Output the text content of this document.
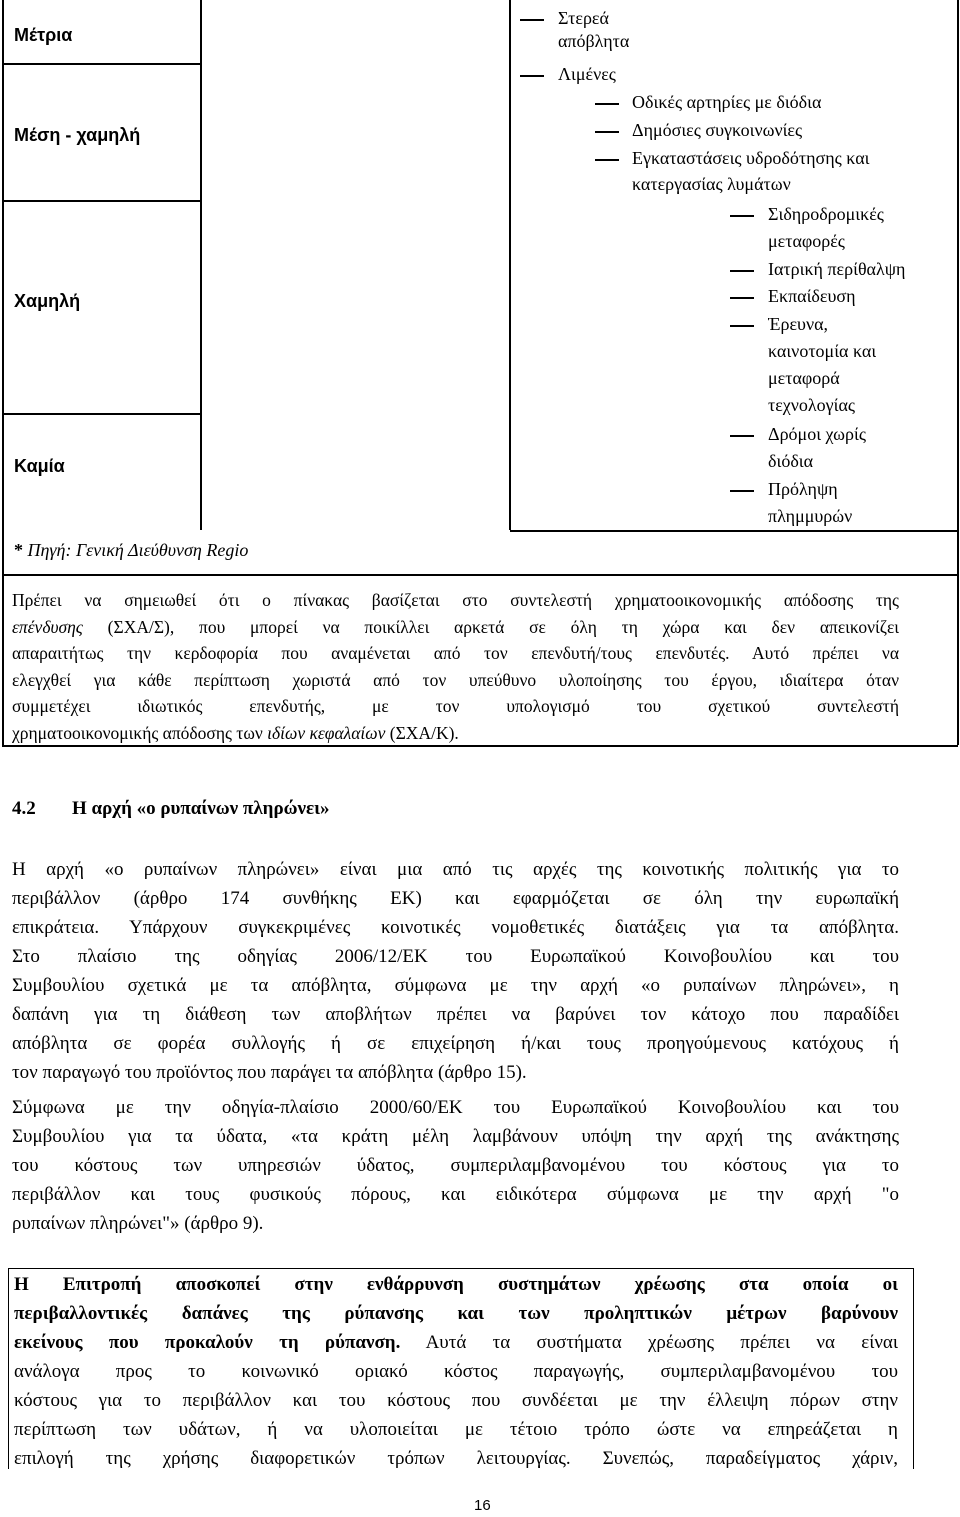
Μέτρια
Μέση - χαμηλή
Χαμηλή
Καμία
* Πηγή: Γενική Διεύθυνση Regio
Στερεά
απόβλητα
Λιμένες
Οδικές αρτηρίες με διόδια
Δημόσιες συγκοινωνίες
Εγκαταστάσεις υδροδότησης και
κατεργασίας λυμάτων
Σιδηροδρομικές
μεταφορές
Ιατρική περίθαλψη
Εκπαίδευση
Έρευνα,
καινοτομία και
μεταφορά
τεχνολογίας
Δρόμοι χωρίς
διόδια
Πρόληψη
πλημμυρών
Πρέπει να σημειωθεί ότι ο πίνακας βασίζεται στο συντελεστή χρηματοοικονομικής απόδοσης της
επένδυσης (ΣΧΑ/Σ), που μπορεί να ποικίλλει αρκετά σε όλη τη χώρα και δεν απεικονίζει
απαραιτήτως την κερδοφορία που αναμένεται από τον επενδυτή/τους επενδυτές. Αυτό πρέπει να
ελεγχθεί για κάθε περίπτωση χωριστά από τον υπεύθυνο υλοποίησης του έργου, ιδιαίτερα όταν
συμμετέχει ιδιωτικός επενδυτής, με τον υπολογισμό του σχετικού συντελεστή
χρηματοοικονομικής απόδοσης των ιδίων κεφαλαίων (ΣΧΑ/Κ).
4.2 Η αρχή «ο ρυπαίνων πληρώνει»
Η αρχή «ο ρυπαίνων πληρώνει» είναι μια από τις αρχές της κοινοτικής πολιτικής για το
περιβάλλον (άρθρο 174 συνθήκης ΕΚ) και εφαρμόζεται σε όλη την ευρωπαϊκή
επικράτεια. Υπάρχουν συγκεκριμένες κοινοτικές νομοθετικές διατάξεις για τα απόβλητα.
Στο πλαίσιο της οδηγίας 2006/12/ΕΚ του Ευρωπαϊκού Κοινοβουλίου και του
Συμβουλίου σχετικά με τα απόβλητα, σύμφωνα με την αρχή «ο ρυπαίνων πληρώνει», η
δαπάνη για τη διάθεση των αποβλήτων πρέπει να βαρύνει τον κάτοχο που παραδίδει
απόβλητα σε φορέα συλλογής ή σε επιχείρηση ή/και τους προηγούμενους κατόχους ή
τον παραγωγό του προϊόντος που παράγει τα απόβλητα (άρθρο 15).
Σύμφωνα με την οδηγία-πλαίσιο 2000/60/ΕΚ του Ευρωπαϊκού Κοινοβουλίου και του
Συμβουλίου για τα ύδατα, «τα κράτη μέλη λαμβάνουν υπόψη την αρχή της ανάκτησης
του κόστους των υπηρεσιών ύδατος, συμπεριλαμβανομένου του κόστους για το
περιβάλλον και τους φυσικούς πόρους, και ειδικότερα σύμφωνα με την αρχή "ο
ρυπαίνων πληρώνει"» (άρθρο 9).
Η Επιτροπή αποσκοπεί στην ενθάρρυνση συστημάτων χρέωσης στα οποία οι
περιβαλλοντικές δαπάνες της ρύπανσης και των προληπτικών μέτρων βαρύνουν
εκείνους που προκαλούν τη ρύπανση. Αυτά τα συστήματα χρέωσης πρέπει να είναι
ανάλογα προς το κοινωνικό οριακό κόστος παραγωγής, συμπεριλαμβανομένου του
κόστους για το περιβάλλον και του κόστους που συνδέεται με την έλλειψη πόρων στην
περίπτωση των υδάτων, ή να υλοποιείται με τέτοιο τρόπο ώστε να επηρεάζεται η
επιλογή της χρήσης διαφορετικών τρόπων λειτουργίας. Συνεπώς, παραδείγματος χάριν,
16
